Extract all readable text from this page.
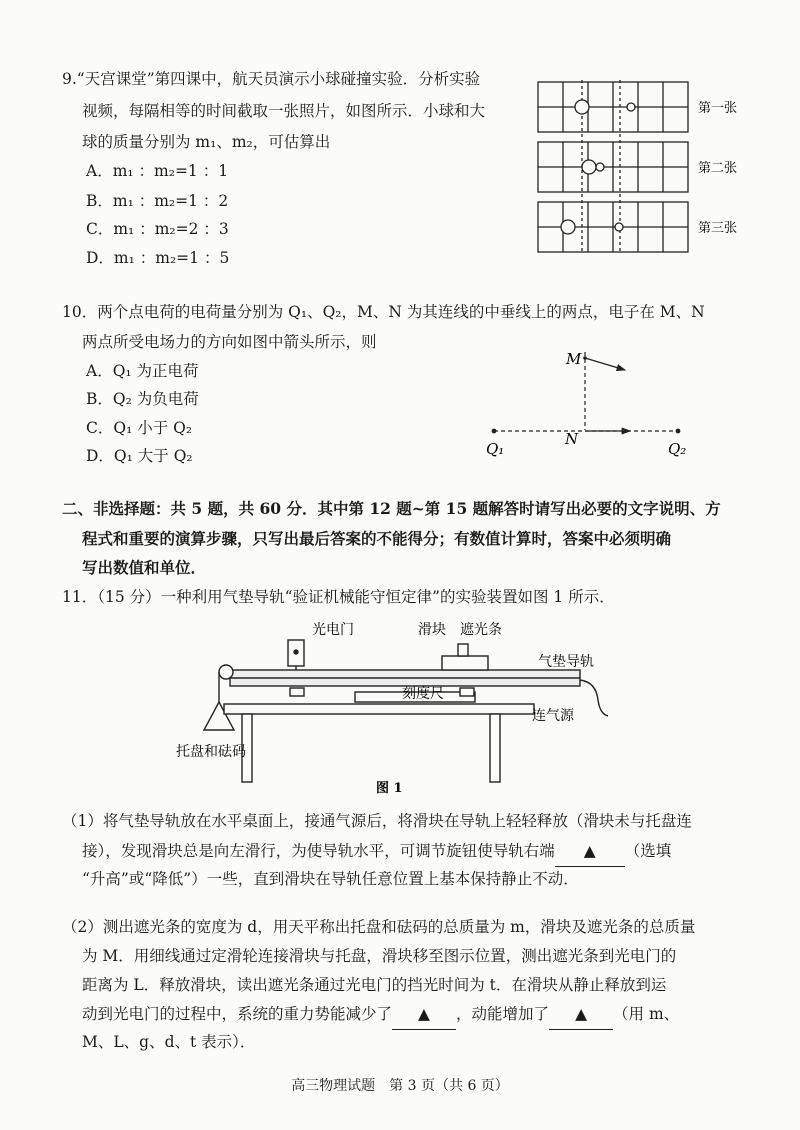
9.“天宫课堂”第四课中，航天员演示小球碰撞实验．分析实验
视频，每隔相等的时间截取一张照片，如图所示．小球和大
球的质量分别为 m₁、m₂，可估算出
A．m₁ ：m₂=1 ：1
B．m₁ ：m₂=1 ：2
C．m₁ ：m₂=2 ：3
D．m₁ ：m₂=1 ：5
第一张
第二张
第三张
10．两个点电荷的电荷量分别为 Q₁、Q₂，M、N 为其连线的中垂线上的两点，电子在 M、N
两点所受电场力的方向如图中箭头所示，则
A．Q₁ 为正电荷
B．Q₂ 为负电荷
C．Q₁ 小于 Q₂
D．Q₁ 大于 Q₂
M
N
Q₁	Q₂
二、非选择题：共 5 题，共 60 分．其中第 12 题~第 15 题解答时请写出必要的文字说明、方
程式和重要的演算步骤，只写出最后答案的不能得分；有数值计算时，答案中必须明确
写出数值和单位．
11．（15 分）一种利用气垫导轨“验证机械能守恒定律”的实验装置如图 1 所示．
光电门	滑块 遮光条
气垫导轨
刻度尺
连气源
托盘和砝码
图 1
（1）将气垫导轨放在水平桌面上，接通气源后，将滑块在导轨上轻轻释放（滑块未与托盘连
接），发现滑块总是向左滑行，为使导轨水平，可调节旋钮使导轨右端 ▲ （选填
“升高”或“降低”）一些，直到滑块在导轨任意位置上基本保持静止不动．
（2）测出遮光条的宽度为 d，用天平称出托盘和砝码的总质量为 m，滑块及遮光条的总质量
为 M．用细线通过定滑轮连接滑块与托盘，滑块移至图示位置，测出遮光条到光电门的
距离为 L．释放滑块，读出遮光条通过光电门的挡光时间为 t．在滑块从静止释放到运
动到光电门的过程中，系统的重力势能减少了 ▲ ，动能增加了 ▲ （用 m、
M、L、g、d、t 表示）．
高三物理试题　第 3 页（共 6 页）
